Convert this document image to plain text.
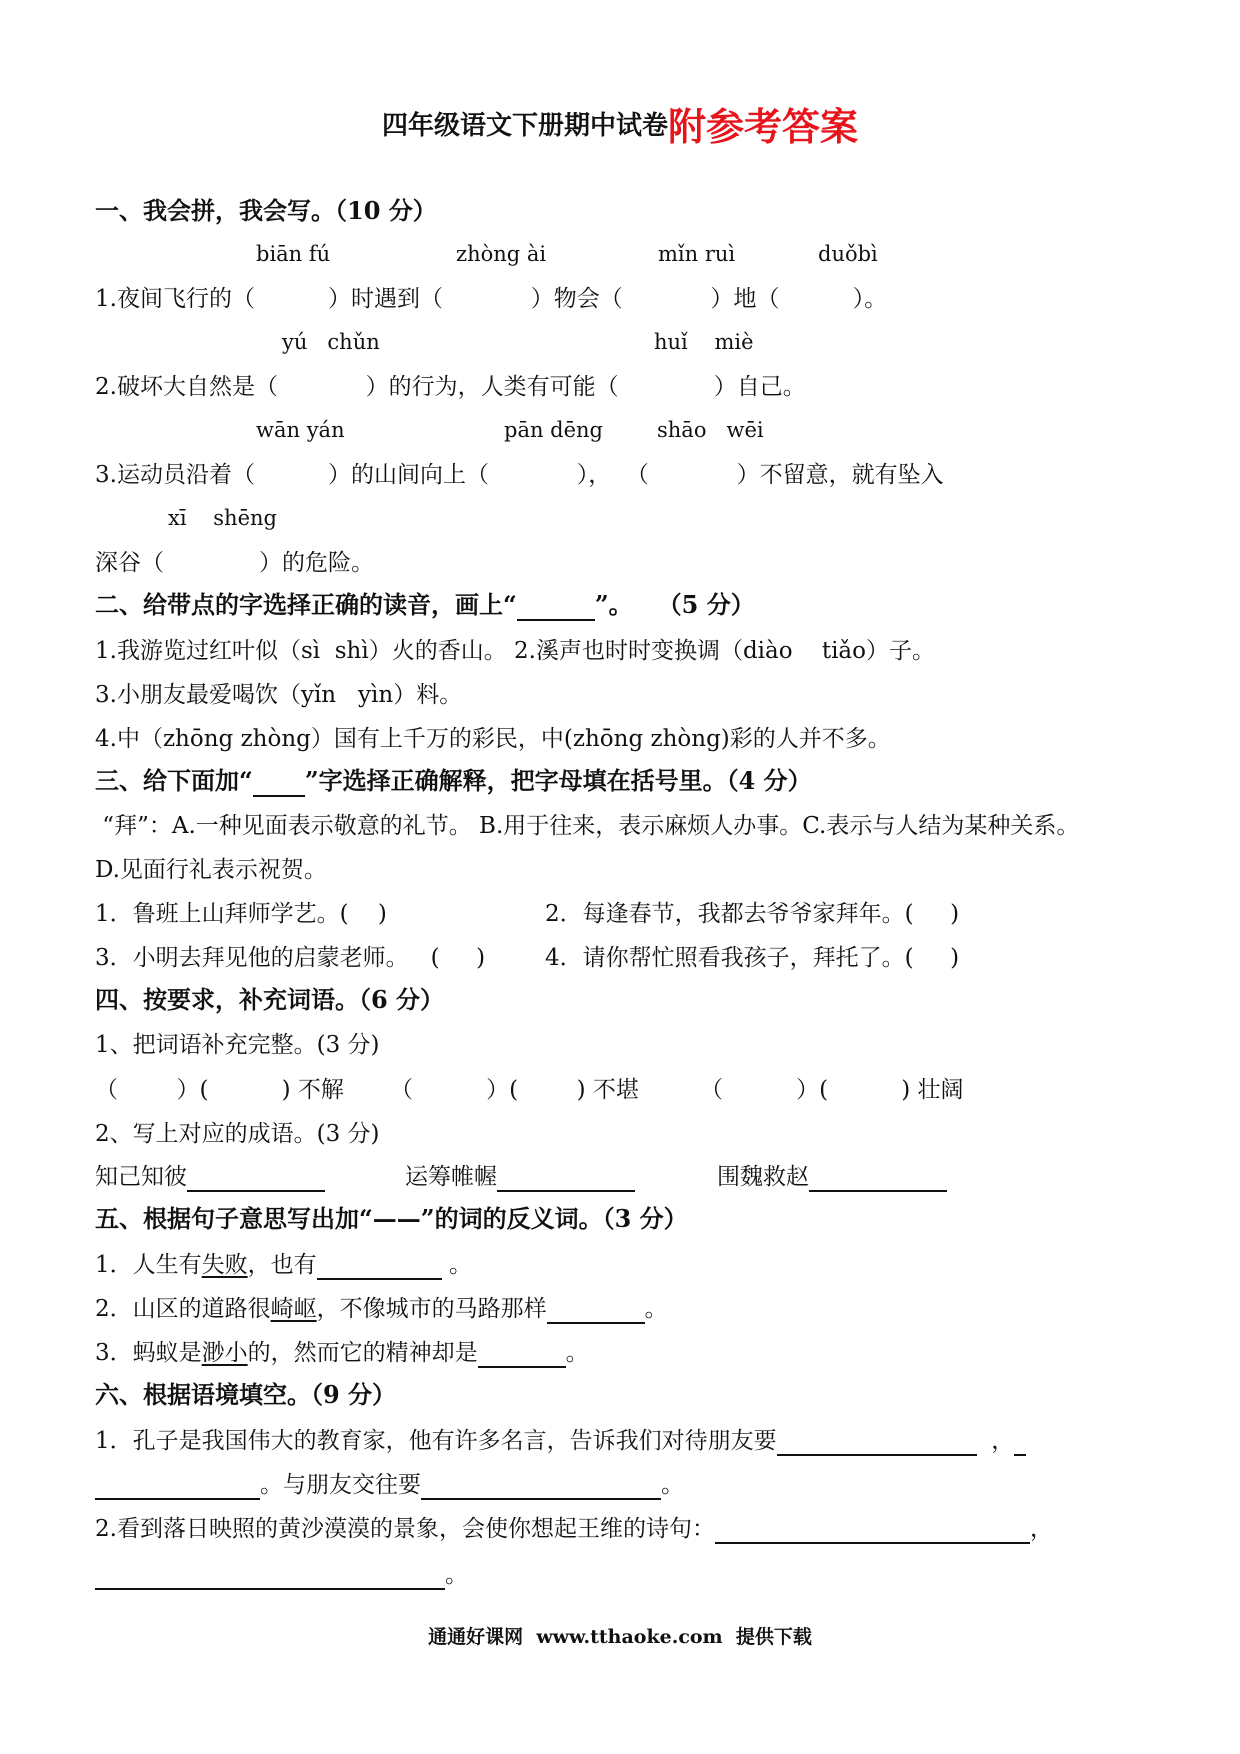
四年级语文下册期中试卷附参考答案
一、我会拼，我会写。（10 分）
biān fú	zhòng ài	mǐn ruì	duǒbì
1.夜间飞行的（          ）时遇到（            ）物会（            ）地（          ）。
yú   chǔn	huǐ    miè
2.破坏大自然是（            ）的行为，人类有可能（             ）自己。
wān yán	pān dēng	shāo   wēi
3.运动员沿着（          ）的山间向上（            ），  （            ）不留意，就有坠入
xī    shēng
深谷（             ）的危险。
二、给带点的字选择正确的读音，画上“	”。   （5 分）
1.我游览过红叶似（sì  shì）火的香山。 2.溪声也时时变换调（diào    tiǎo）子。
3.小朋友最爱喝饮（yǐn   yìn）料。
4.中（zhōng zhòng）国有上千万的彩民，中(zhōng zhòng)彩的人并不多。
三、给下面加“ ”字选择正确解释，把字母填在括号里。（4 分）
“拜”：A.一种见面表示敬意的礼节。 B.用于往来，表示麻烦人办事。C.表示与人结为某种关系。
D.见面行礼表示祝贺。
1．鲁班上山拜师学艺。(    )	2．每逢春节，我都去爷爷家拜年。(     )
3．小明去拜见他的启蒙老师。   (     )	4．请你帮忙照看我孩子，拜托了。(     )
四、按要求，补充词语。（6 分）
1、把词语补充完整。(3 分)
（        ）(          ) 不解 （          ）(        ) 不堪	（          ）(          ) 壮阔
2、写上对应的成语。(3 分)
知己知彼	运筹帷幄	围魏救赵
五、根据句子意思写出加“——”的词的反义词。（3 分）
1．人生有失败，也有	。
2．山区的道路很崎岖，不像城市的马路那样	。
3．蚂蚁是渺小的，然而它的精神却是	。
六、根据语境填空。（9 分）
1．孔子是我国伟大的教育家，他有许多名言，告诉我们对待朋友要	，
。与朋友交往要	。
2.看到落日映照的黄沙漠漠的景象，会使你想起王维的诗句：	，
。
通通好课网  www.tthaoke.com  提供下载
